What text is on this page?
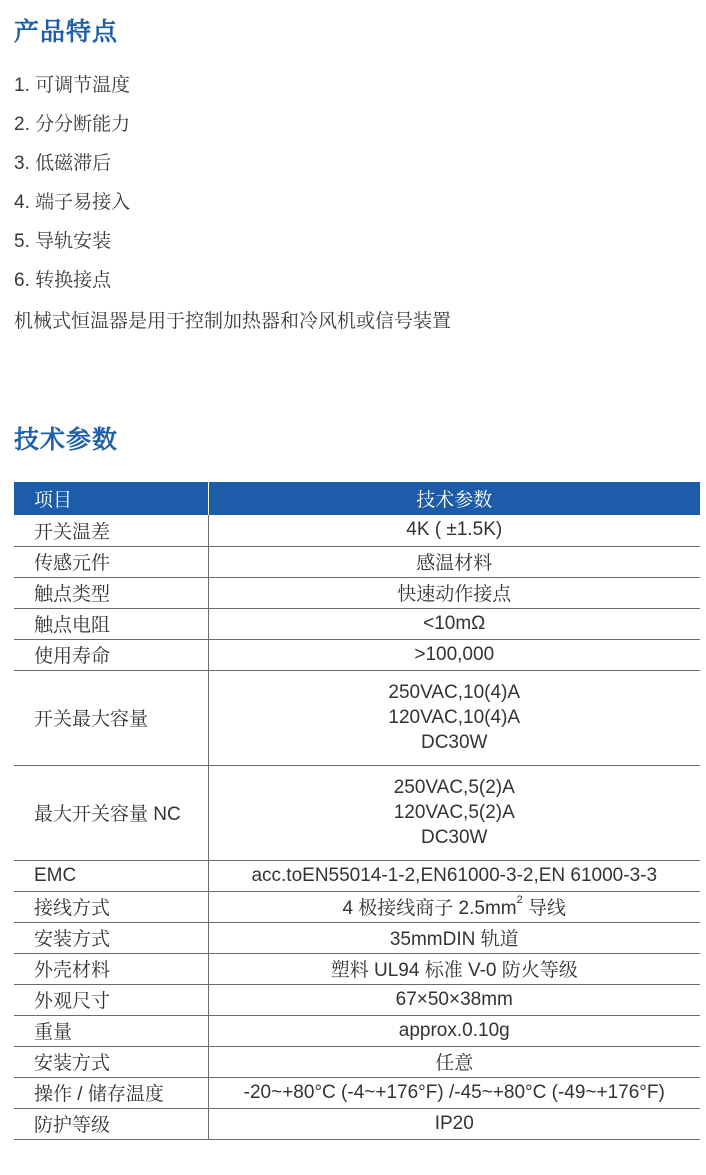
产品特点
1. 可调节温度
2. 分分断能力
3. 低磁滞后
4. 端子易接入
5. 导轨安装
6. 转换接点
机械式恒温器是用于控制加热器和冷风机或信号装置
技术参数
项目	技术参数
开关温差	4K ( ±1.5K)
传感元件	感温材料
触点类型	快速动作接点
触点电阻	<10mΩ
使用寿命	>100,000
开关最大容量	250VAC,10(4)A
120VAC,10(4)A
DC30W

最大开关容量 NC	250VAC,5(2)A
120VAC,5(2)A
DC30W

EMC	acc.toEN55014-1-2,EN61000-3-2,EN 61000-3-3
接线方式	4 极接线商子 $2.5mm^2$ 导线
安装方式	35mmDIN 轨道
外壳材料	塑料 UL94 标准 V-0 防火等级
外观尺寸	67×50×38mm
重量	approx.0.10g
安装方式	任意
操作 / 储存温度	-20~+80°C (-4~+176°F) /-45~+80°C (-49~+176°F)
防护等级	IP20
